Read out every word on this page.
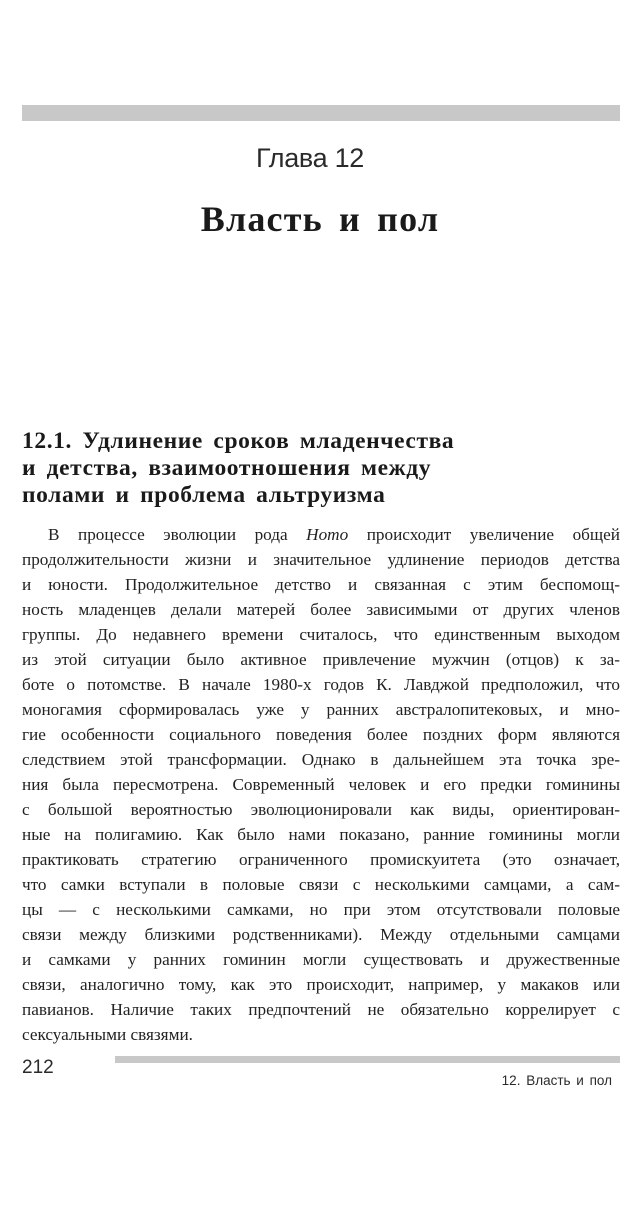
Глава 12
Власть и пол
12.1. Удлинение сроков младенчества
и детства, взаимоотношения между
полами и проблема альтруизма
В процессе эволюции рода Homo происходит увеличение общей
продолжительности жизни и значительное удлинение периодов детства
и юности. Продолжительное детство и связанная с этим беспомощ-
ность младенцев делали матерей более зависимыми от других членов
группы. До недавнего времени считалось, что единственным выходом
из этой ситуации было активное привлечение мужчин (отцов) к за-
боте о потомстве. В начале 1980-х годов К. Лавджой предположил, что
моногамия сформировалась уже у ранних австралопитековых, и мно-
гие особенности социального поведения более поздних форм являются
следствием этой трансформации. Однако в дальнейшем эта точка зре-
ния была пересмотрена. Современный человек и его предки гоминины
с большой вероятностью эволюционировали как виды, ориентирован-
ные на полигамию. Как было нами показано, ранние гоминины могли
практиковать стратегию ограниченного промискуитета (это означает,
что самки вступали в половые связи с несколькими самцами, а сам-
цы — с несколькими самками, но при этом отсутствовали половые
связи между близкими родственниками). Между отдельными самцами
и самками у ранних гоминин могли существовать и дружественные
связи, аналогично тому, как это происходит, например, у макаков или
павианов. Наличие таких предпочтений не обязательно коррелирует с
сексуальными связями.
212
12. Власть и пол
